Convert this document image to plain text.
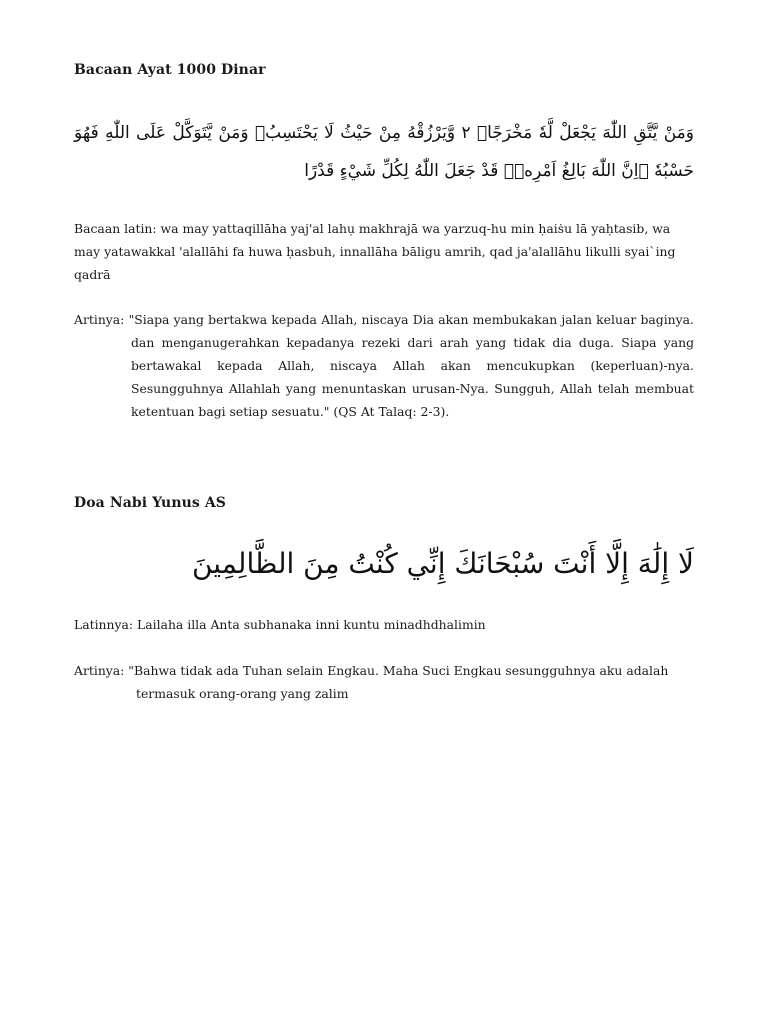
Bacaan Ayat 1000 Dinar
وَمَنْ يَّتَّقِ اللّٰهَ يَجْعَلْ لَّهٗ مَخْرَجًاۙ ٢ وَّيَرْزُقْهُ مِنْ حَيْثُ لَا يَحْتَسِبُۗ وَمَنْ يَّتَوَكَّلْ عَلَى اللّٰهِ فَهُوَ حَسْبُهٗ ۗاِنَّ اللّٰهَ بَالِغُ اَمْرِهٖۗ قَدْ جَعَلَ اللّٰهُ لِكُلِّ شَيْءٍ قَدْرًا
Bacaan latin: wa may yattaqillāha yaj'al lahụ makhrajā wa yarzuq-hu min ḥaiṡu lā yaḥtasib, wa may yatawakkal 'alallāhi fa huwa ḥasbuh, innallāha bāligu amrih, qad ja'alallāhu likulli syai`ing qadrā
Artinya: "Siapa yang bertakwa kepada Allah, niscaya Dia akan membukakan jalan keluar baginya. dan menganugerahkan kepadanya rezeki dari arah yang tidak dia duga. Siapa yang bertawakal kepada Allah, niscaya Allah akan mencukupkan (keperluan)-nya. Sesungguhnya Allahlah yang menuntaskan urusan-Nya. Sungguh, Allah telah membuat ketentuan bagi setiap sesuatu." (QS At Talaq: 2-3).
Doa Nabi Yunus AS
لَا إِلَٰهَ إِلَّا أَنْتَ سُبْحَانَكَ إِنِّي كُنْتُ مِنَ الظَّالِمِينَ
Latinnya: Lailaha illa Anta subhanaka inni kuntu minadhdhalimin
Artinya: "Bahwa tidak ada Tuhan selain Engkau. Maha Suci Engkau sesungguhnya aku adalah termasuk orang-orang yang zalim
